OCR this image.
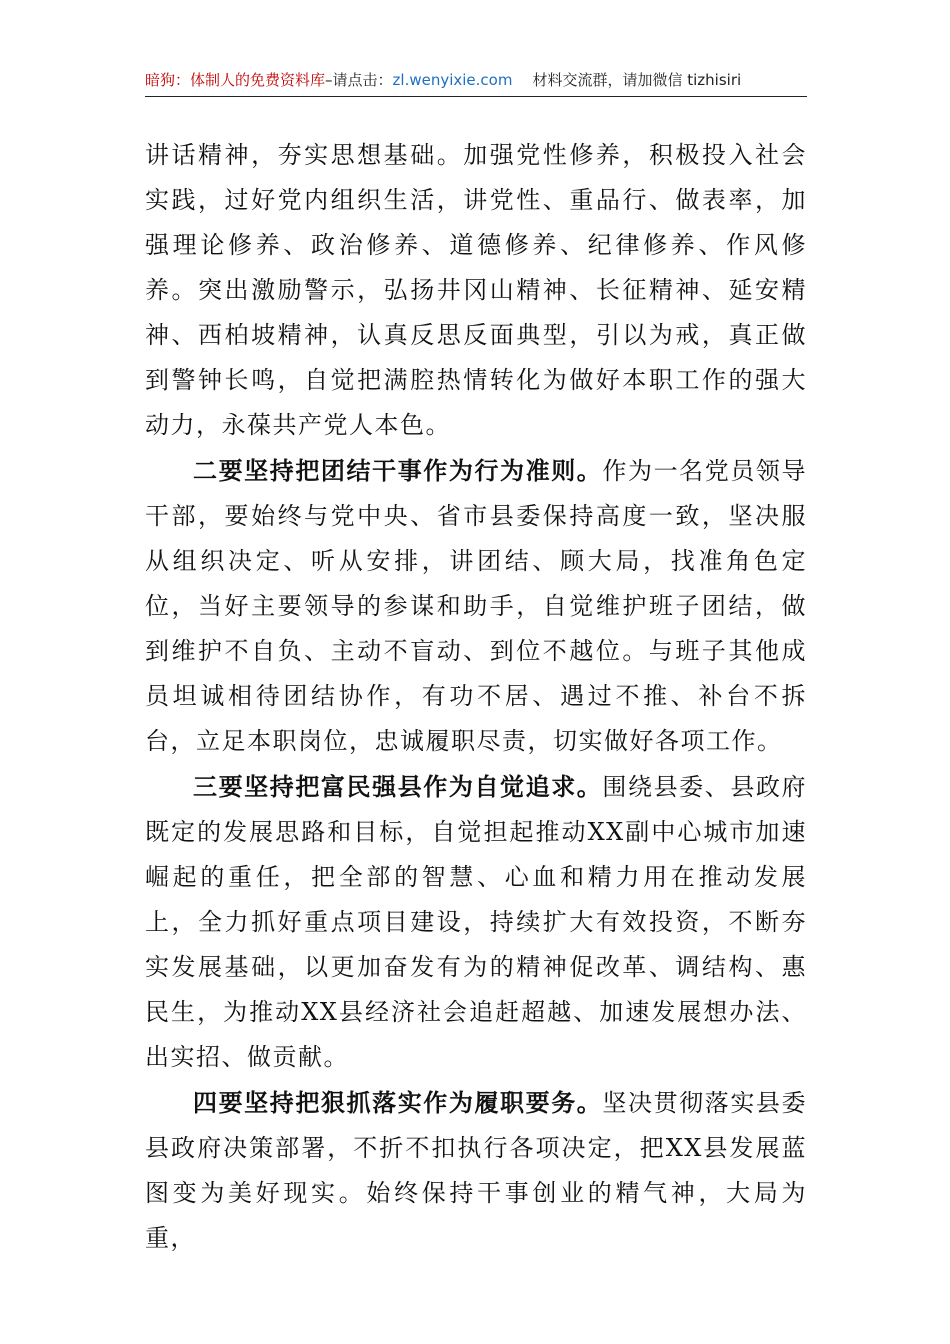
暗狗：体制人的免费资料库–请点击：zl.wenyixie.com 材料交流群，请加微信 tizhisiri

讲话精神，夯实思想基础。加强党性修养，积极投入社会实践，过好党内组织生活，讲党性、重品行、做表率，加强理论修养、政治修养、道德修养、纪律修养、作风修养。突出激励警示，弘扬井冈山精神、长征精神、延安精神、西柏坡精神，认真反思反面典型，引以为戒，真正做到警钟长鸣，自觉把满腔热情转化为做好本职工作的强大动力，永葆共产党人本色。

二要坚持把团结干事作为行为准则。作为一名党员领导干部，要始终与党中央、省市县委保持高度一致，坚决服从组织决定、听从安排，讲团结、顾大局，找准角色定位，当好主要领导的参谋和助手，自觉维护班子团结，做到维护不自负、主动不盲动、到位不越位。与班子其他成员坦诚相待团结协作，有功不居、遇过不推、补台不拆台，立足本职岗位，忠诚履职尽责，切实做好各项工作。

三要坚持把富民强县作为自觉追求。围绕县委、县政府既定的发展思路和目标，自觉担起推动XX副中心城市加速崛起的重任，把全部的智慧、心血和精力用在推动发展上，全力抓好重点项目建设，持续扩大有效投资，不断夯实发展基础，以更加奋发有为的精神促改革、调结构、惠民生，为推动XX县经济社会追赶超越、加速发展想办法、出实招、做贡献。

四要坚持把狠抓落实作为履职要务。坚决贯彻落实县委县政府决策部署，不折不扣执行各项决定，把XX县发展蓝图变为美好现实。始终保持干事创业的精气神，大局为重，
